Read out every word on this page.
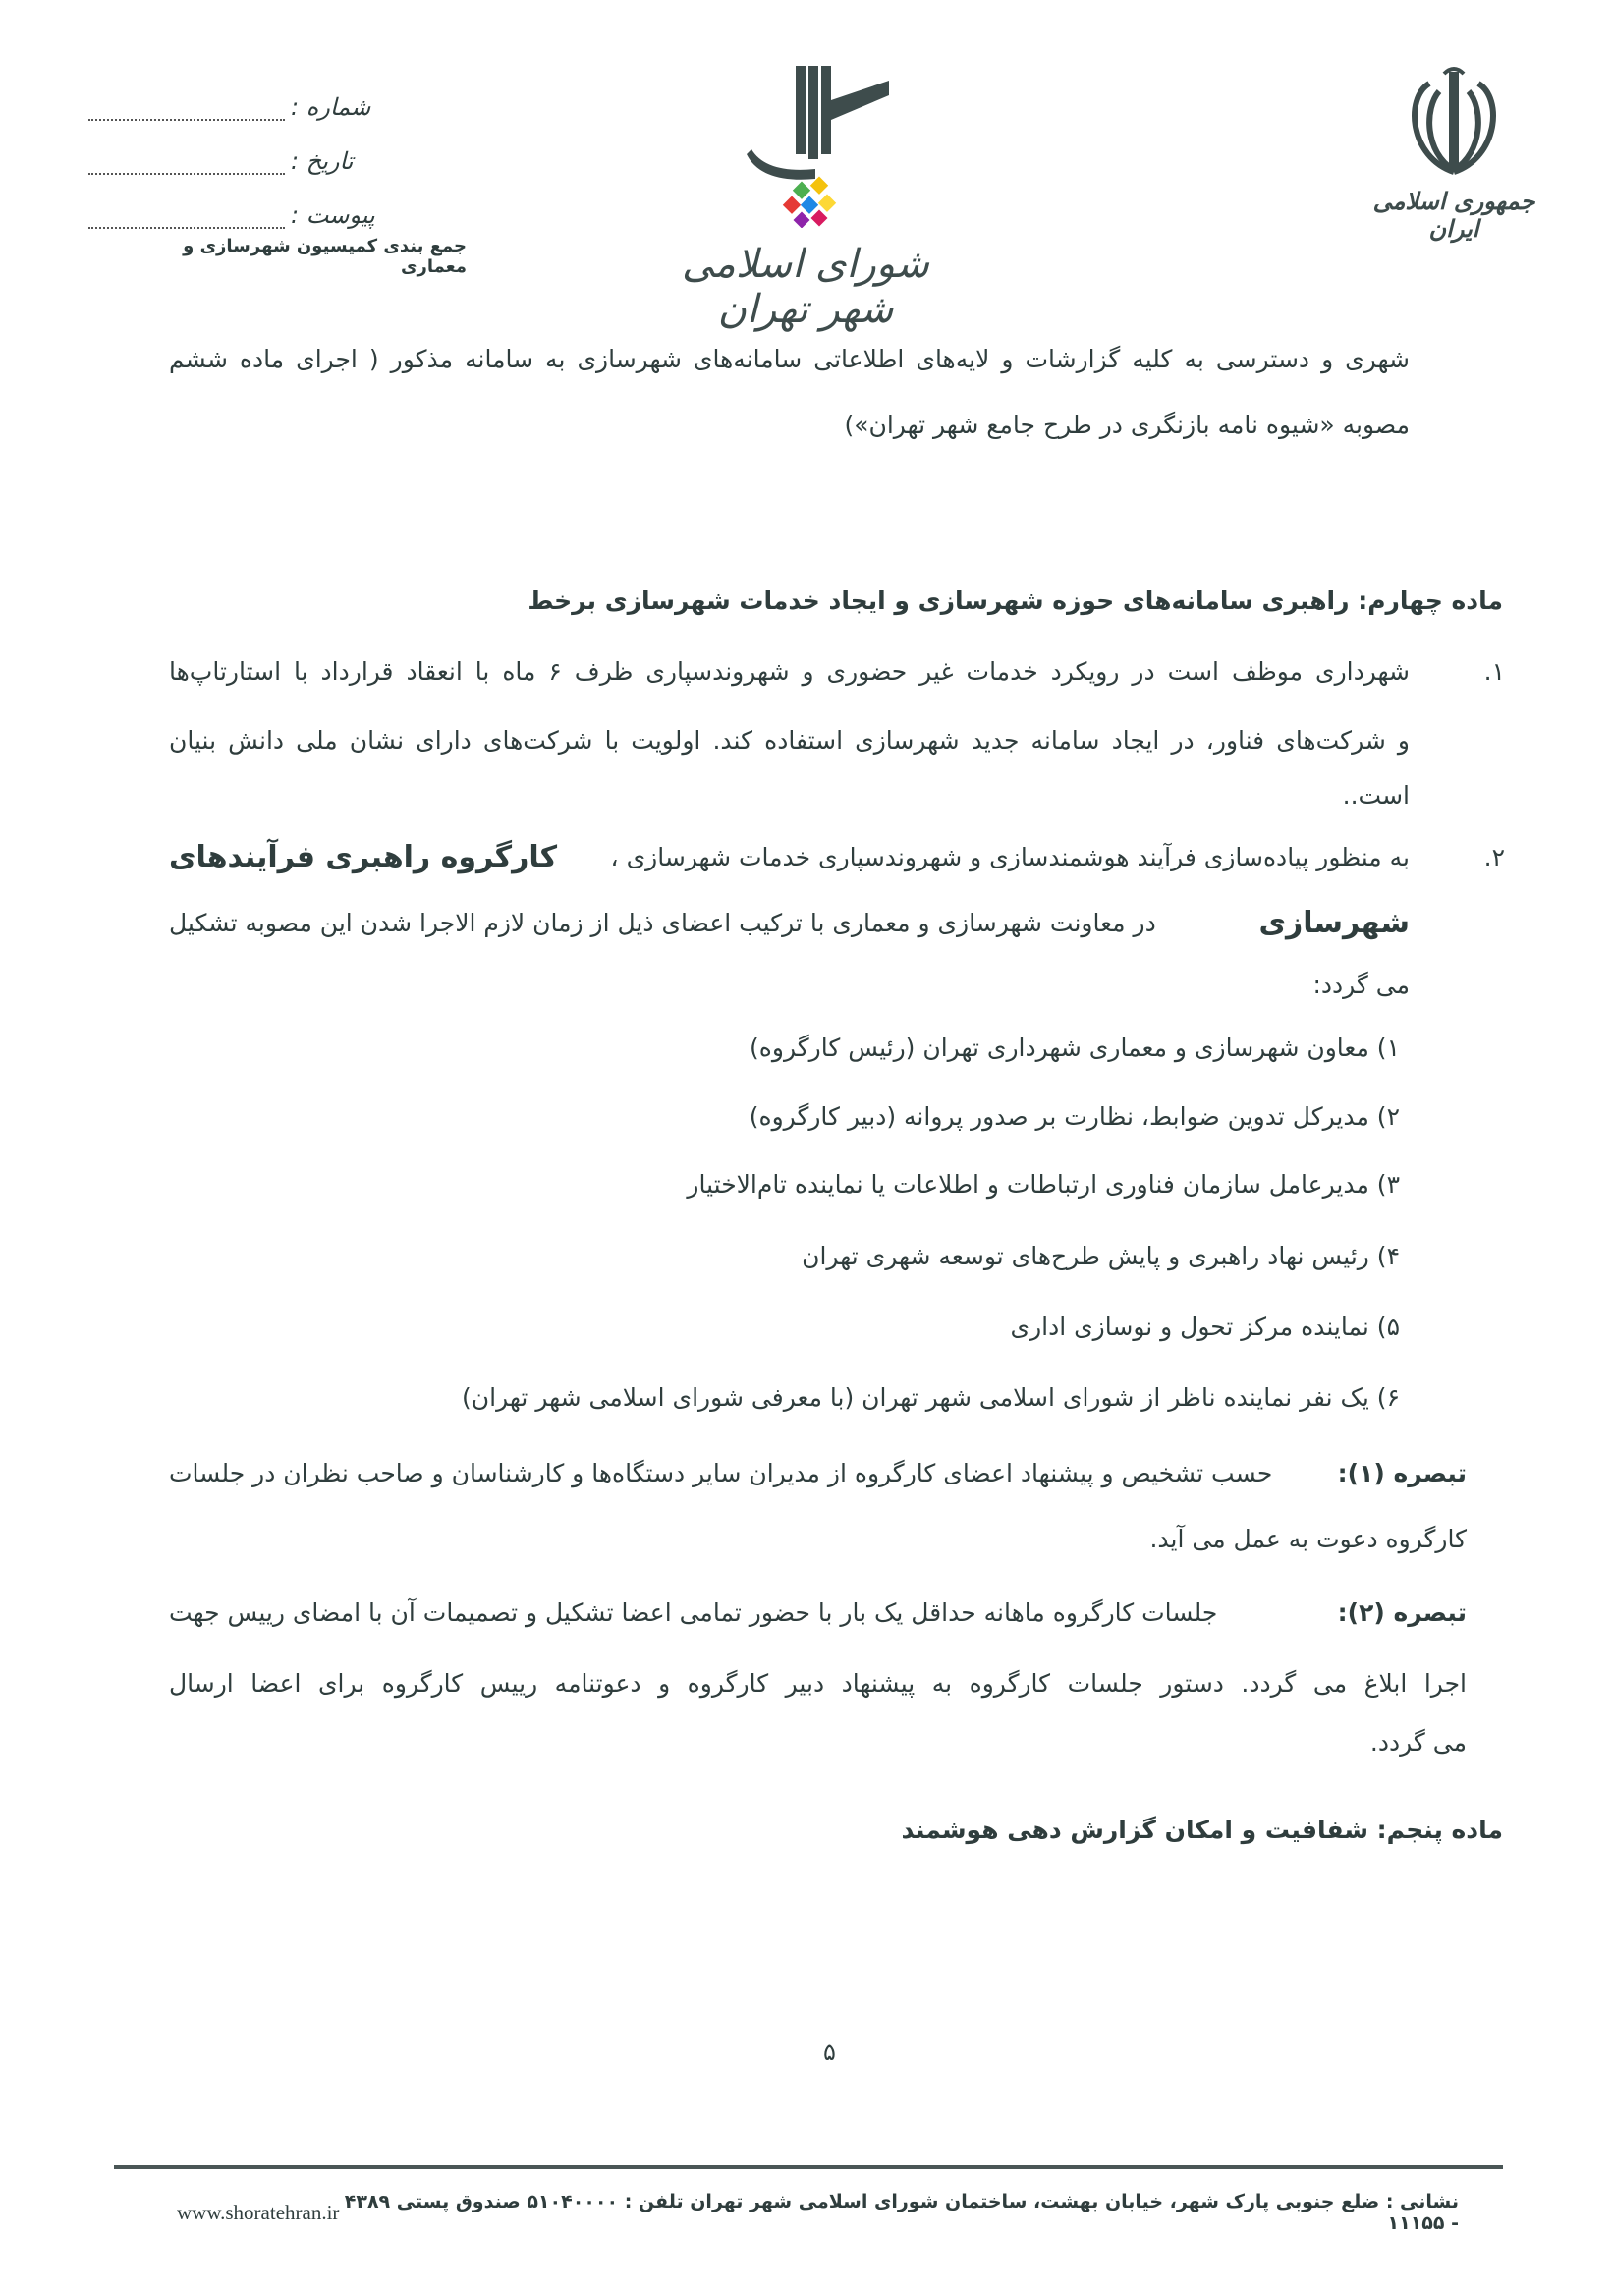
جمهوری اسلامی ایران
شورای اسلامی شهر تهران
شماره :
تاریخ :
پیوست :
جمع بندی کمیسیون شهرسازی و معماری
شهری و دسترسی به کلیه گزارشات و لایه‌های اطلاعاتی سامانه‌های شهرسازی به سامانه مذکور ( اجرای ماده ششم
مصوبه «شیوه نامه بازنگری در طرح جامع شهر تهران»)
ماده چهارم: راهبری سامانه‌های حوزه شهرسازی و ایجاد خدمات شهرسازی برخط
۱.
شهرداری موظف است در رویکرد خدمات غیر حضوری و شهروندسپاری ظرف ۶ ماه با انعقاد قرارداد با استارتاپ‌ها
و شرکت‌های فناور، در ایجاد سامانه جدید شهرسازی استفاده کند. اولویت با شرکت‌های دارای نشان ملی دانش بنیان
است..
۲.
به منظور پیاده‌سازی فرآیند هوشمندسازی و شهروندسپاری خدمات شهرسازی ،
کارگروه راهبری فرآیندهای
شهرسازی
در معاونت شهرسازی و معماری با ترکیب اعضای ذیل از زمان لازم الاجرا شدن این مصوبه تشکیل
می گردد:
۱) معاون شهرسازی و معماری شهرداری تهران (رئیس کارگروه)
۲) مدیرکل تدوین ضوابط، نظارت بر صدور پروانه (دبیر کارگروه)
۳) مدیرعامل سازمان فناوری ارتباطات و اطلاعات یا نماینده تام‌الاختیار
۴) رئیس نهاد راهبری و پایش طرح‌های توسعه شهری تهران
۵) نماینده مرکز تحول و نوسازی اداری
۶) یک نفر نماینده ناظر از شورای اسلامی شهر تهران (با معرفی شورای اسلامی شهر تهران)
تبصره (۱):
حسب تشخیص و پیشنهاد اعضای کارگروه از مدیران سایر دستگاه‌ها و کارشناسان و صاحب نظران در جلسات
کارگروه دعوت به عمل می آید.
تبصره (۲):
جلسات کارگروه ماهانه حداقل یک بار با حضور تمامی اعضا تشکیل و تصمیمات آن با امضای رییس جهت
اجرا ابلاغ می گردد. دستور جلسات کارگروه به پیشنهاد دبیر کارگروه و دعوتنامه رییس کارگروه برای اعضا ارسال
می گردد.
ماده پنجم: شفافیت و امکان گزارش دهی هوشمند
۵
www.shoratehran.ir نشانی : ضلع جنوبی پارک شهر، خیابان بهشت، ساختمان شورای اسلامی شهر تهران تلفن : ۵۱۰۴۰۰۰۰ صندوق پستی ۴۳۸۹ - ۱۱۱۵۵
